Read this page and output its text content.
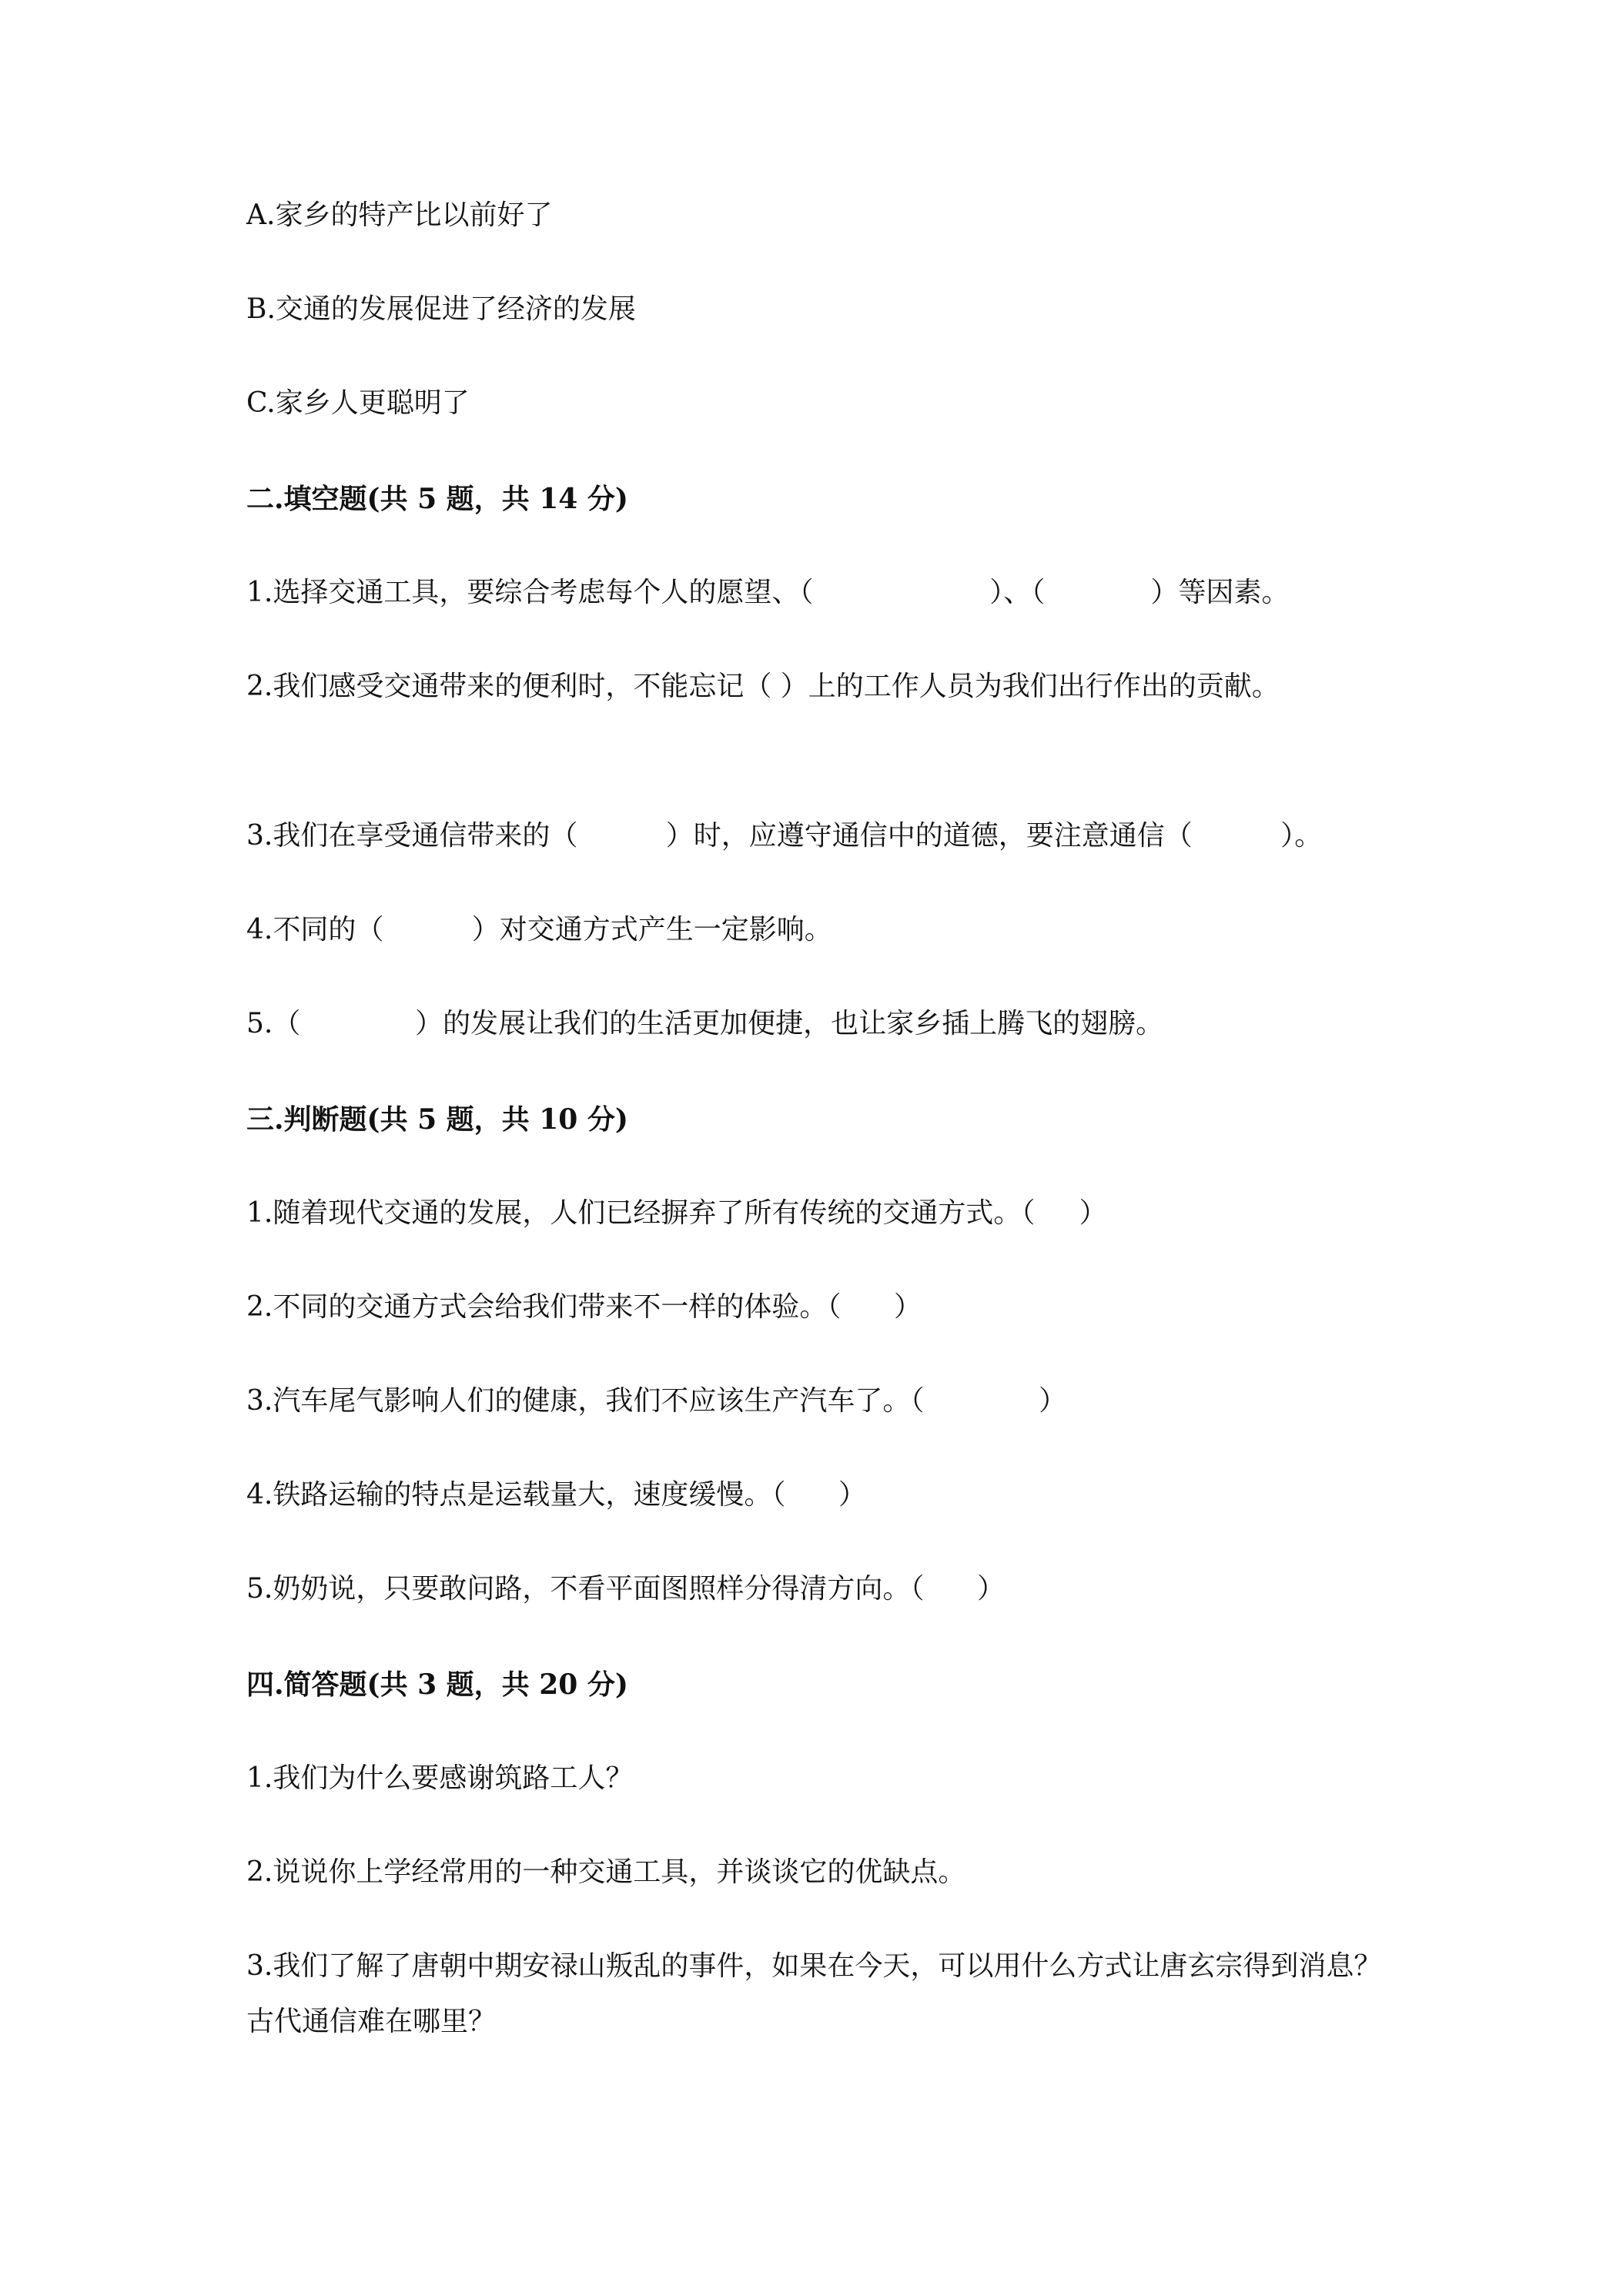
A.家乡的特产比以前好了
B.交通的发展促进了经济的发展
C.家乡人更聪明了
二.填空题(共 5 题，共 14 分)
1.选择交通工具，要综合考虑每个人的愿望、（                    ）、（            ）等因素。
2.我们感受交通带来的便利时，不能忘记（ ）上的工作人员为我们出行作出的贡献。
3.我们在享受通信带来的（          ）时，应遵守通信中的道德，要注意通信（          ）。
4.不同的（          ）对交通方式产生一定影响。
5.（             ）的发展让我们的生活更加便捷，也让家乡插上腾飞的翅膀。
三.判断题(共 5 题，共 10 分)
1.随着现代交通的发展，人们已经摒弃了所有传统的交通方式。（     ）
2.不同的交通方式会给我们带来不一样的体验。（      ）
3.汽车尾气影响人们的健康，我们不应该生产汽车了。（             ）
4.铁路运输的特点是运载量大，速度缓慢。（      ）
5.奶奶说，只要敢问路，不看平面图照样分得清方向。（      ）
四.简答题(共 3 题，共 20 分)
1.我们为什么要感谢筑路工人？
2.说说你上学经常用的一种交通工具，并谈谈它的优缺点。
3.我们了解了唐朝中期安禄山叛乱的事件，如果在今天，可以用什么方式让唐玄宗得到消息？古代通信难在哪里？
